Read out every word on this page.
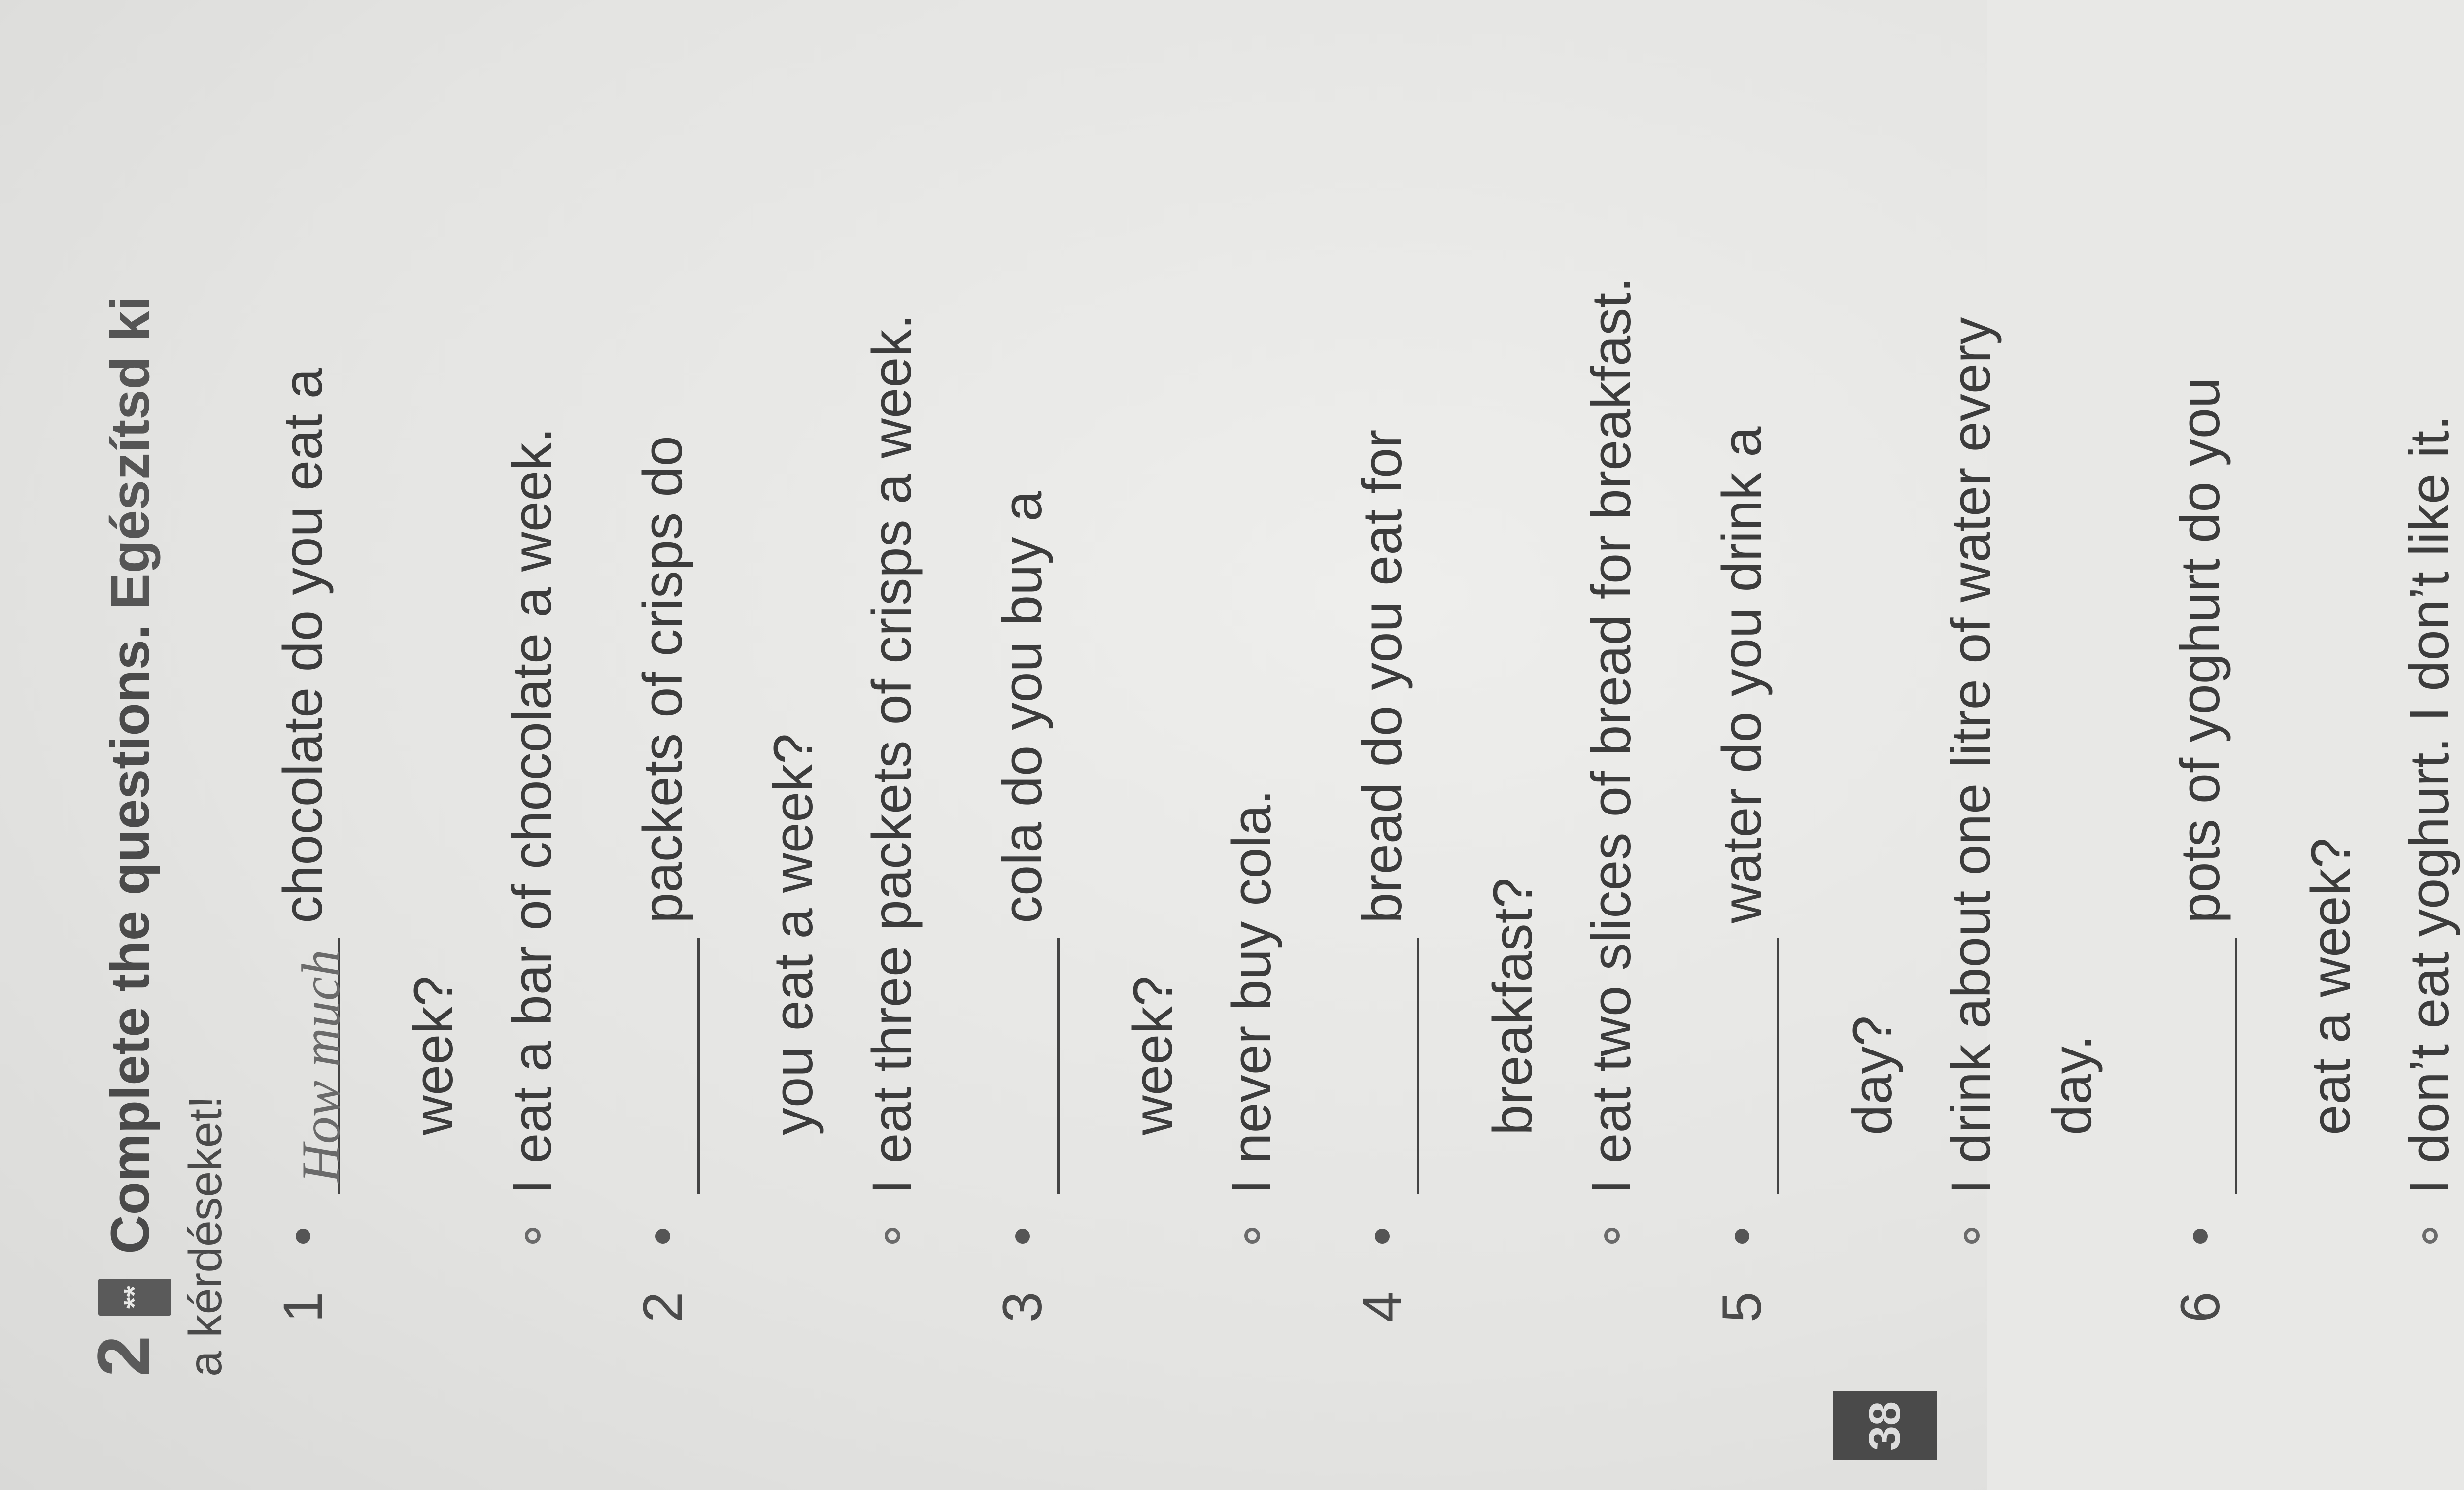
2 ** Complete the questions. Egészítsd ki
a kérdéseket! 1
How muchchocolate do you eat a
week? I eat a bar of chocolate a week.
2
packets of crisps do
you eat a week? I eat three packets of crisps a week.
3
cola do you buy a
week? I never buy cola.
4
bread do you eat for
breakfast? I eat two slices of bread for breakfast.
5
water do you drink a
day? I drink about one litre of water every day.
6
pots of yoghurt do you
eat a week? I don’t eat yoghurt. I don’t like it.
38
